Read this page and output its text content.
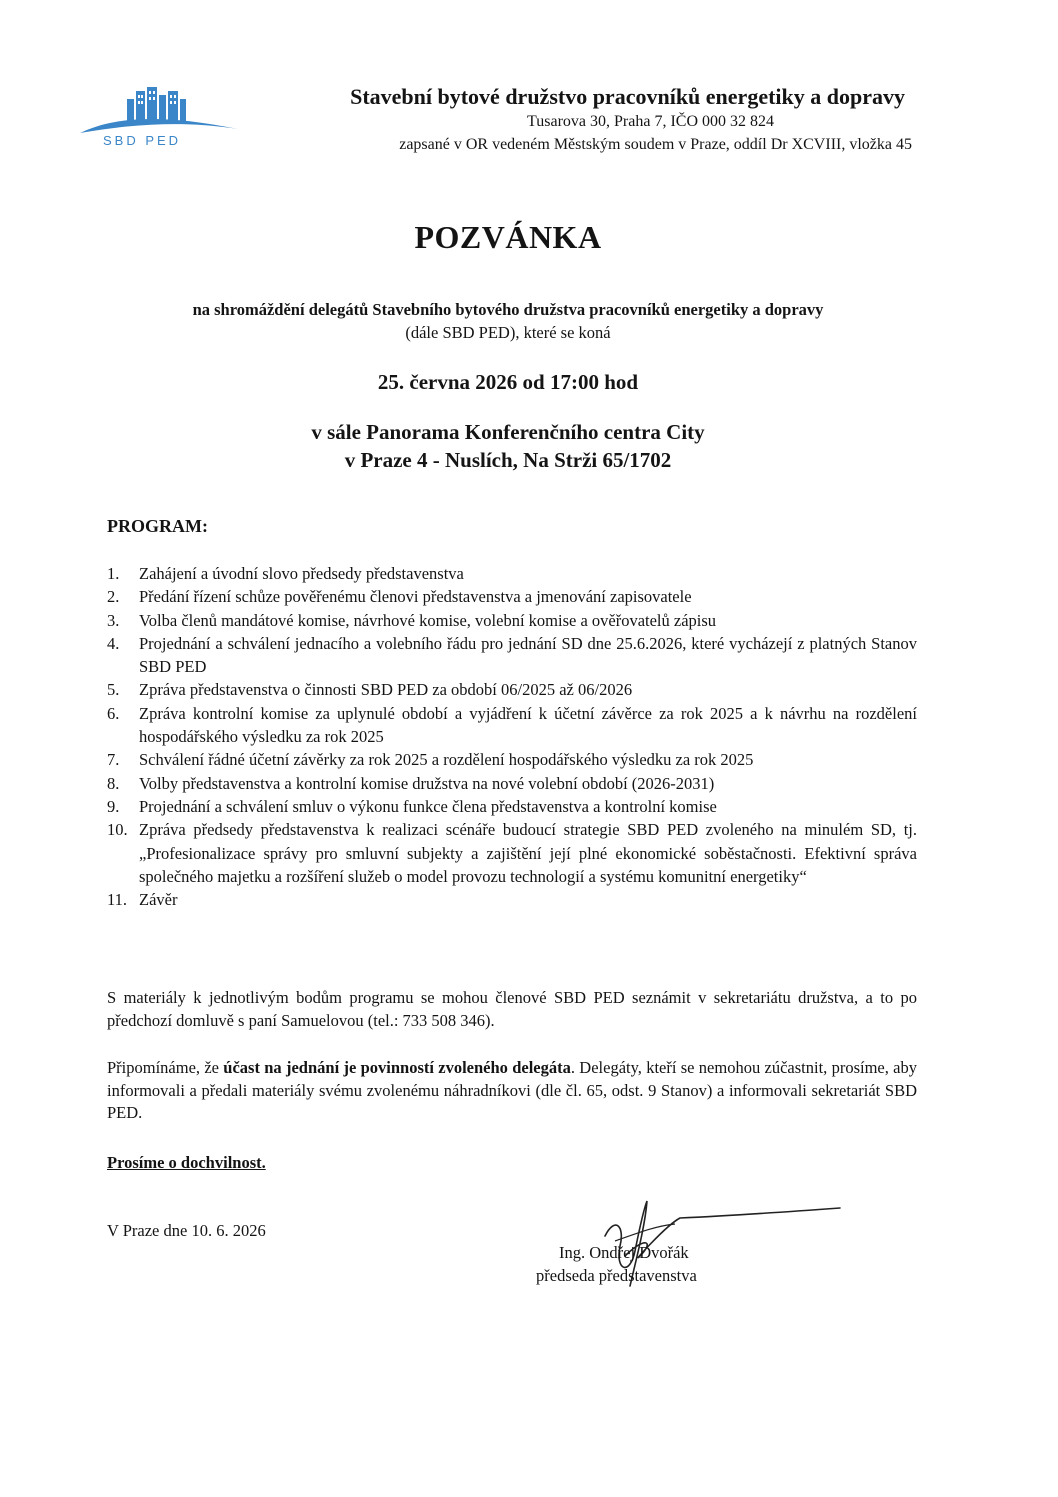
SBD PED
Stavební bytové družstvo pracovníků energetiky a dopravy
Tusarova 30, Praha 7, IČO 000 32 824
zapsané v OR vedeném Městským soudem v Praze, oddíl Dr XCVIII, vložka 45
POZVÁNKA
na shromáždění delegátů Stavebního bytového družstva pracovníků energetiky a dopravy
(dále SBD PED), které se koná
25. června 2026 od 17:00 hod
v sále Panorama Konferenčního centra City
v Praze 4 - Nuslích, Na Strži 65/1702
PROGRAM:
1.	Zahájení a úvodní slovo předsedy představenstva
2.	Předání řízení schůze pověřenému členovi představenstva a jmenování zapisovatele
3.	Volba členů mandátové komise, návrhové komise, volební komise a ověřovatelů zápisu
4.	Projednání a schválení jednacího a volebního řádu pro jednání SD dne 25.6.2026, které vycházejí z platných Stanov SBD PED
5.	Zpráva představenstva o činnosti SBD PED za období 06/2025 až 06/2026
6.	Zpráva kontrolní komise za uplynulé období a vyjádření k účetní závěrce za rok 2025 a k návrhu na rozdělení hospodářského výsledku za rok 2025
7.	Schválení řádné účetní závěrky za rok 2025 a rozdělení hospodářského výsledku za rok 2025
8.	Volby představenstva a kontrolní komise družstva na nové volební období (2026-2031)
9.	Projednání a schválení smluv o výkonu funkce člena představenstva a kontrolní komise
10. Zpráva předsedy představenstva k realizaci scénáře budoucí strategie SBD PED zvoleného na minulém SD, tj. „Profesionalizace správy pro smluvní subjekty a zajištění její plné ekonomické soběstačnosti. Efektivní správa společného majetku a rozšíření služeb o model provozu technologií a systému komunitní energetiky“
11. Závěr
S materiály k jednotlivým bodům programu se mohou členové SBD PED seznámit v sekretariátu družstva, a to po předchozí domluvě s paní Samuelovou (tel.: 733 508 346).
Připomínáme, že účast na jednání je povinností zvoleného delegáta. Delegáty, kteří se nemohou zúčastnit, prosíme, aby informovali a předali materiály svému zvolenému náhradníkovi (dle čl. 65, odst. 9 Stanov) a informovali sekretariát SBD PED.
Prosíme o dochvilnost.
V Praze dne 10. 6. 2026
Ing. Ondřej Dvořák
předseda představenstva
